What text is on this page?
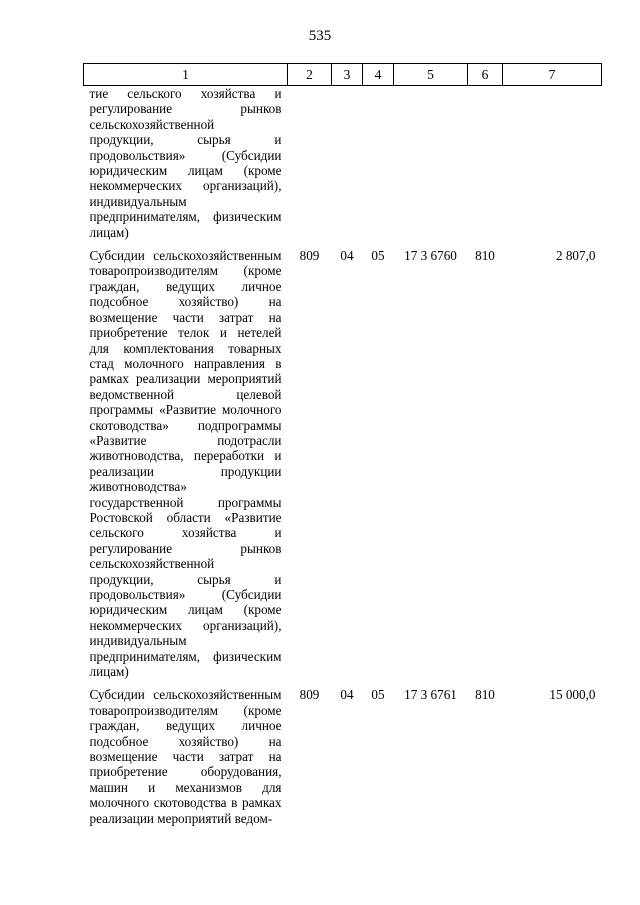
535
1	2	3	4	5	6	7
тие сельского хозяйства и регулирование рынков сельскохозяйственной продукции, сырья и продовольствия» (Субсидии юридическим лицам (кроме некоммерческих организаций), индивидуальным предпринимателям, физическим лицам)						
Субсидии сельскохозяйственным товаропроизводителям (кроме граждан, ведущих личное подсобное хозяйство) на возмещение части затрат на приобретение телок и нетелей для комплектования товарных стад молочного направления в рамках реализации мероприятий ведомственной целевой программы «Развитие молочного скотоводства» подпрограммы «Развитие подотрасли животноводства, переработки и реализации продукции животноводства» государственной программы Ростовской области «Развитие сельского хозяйства и регулирование рынков сельскохозяйственной продукции, сырья и продовольствия» (Субсидии юридическим лицам (кроме некоммерческих организаций), индивидуальным предпринимателям, физическим лицам)	809	04	05	17 3 6760	810	2 807,0
Субсидии сельскохозяйственным товаропроизводителям (кроме граждан, ведущих личное подсобное хозяйство) на возмещение части затрат на приобретение оборудования, машин и механизмов для молочного скотоводства в рамках реализации мероприятий ведом-	809	04	05	17 3 6761	810	15 000,0
